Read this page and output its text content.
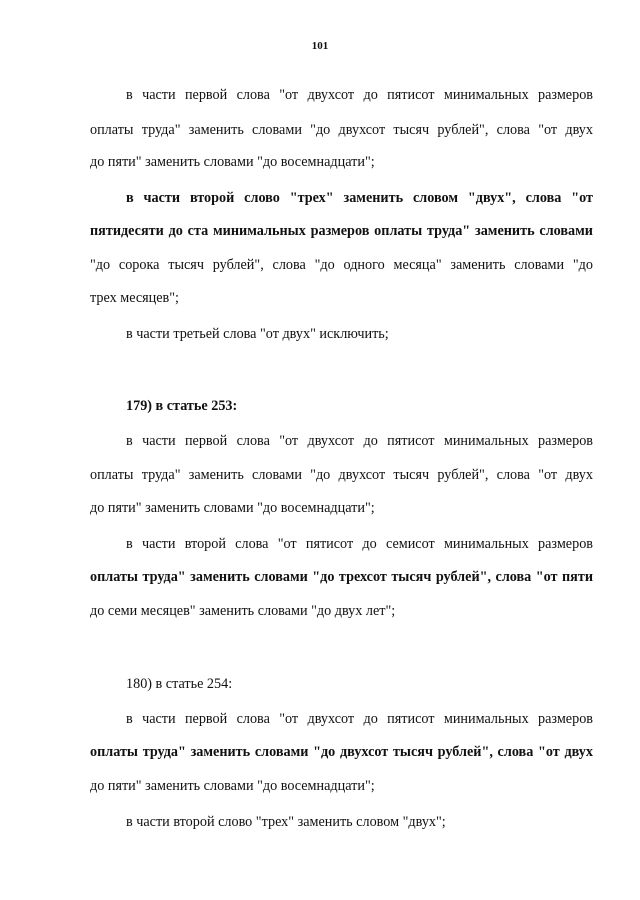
101
в части первой слова "от двухсот до пятисот минимальных размеров
оплаты труда" заменить словами "до двухсот тысяч рублей", слова "от двух
до пяти" заменить словами "до восемнадцати";
в части второй слово "трех" заменить словом "двух", слова "от
пятидесяти до ста минимальных размеров оплаты труда" заменить словами
"до сорока тысяч рублей", слова "до одного месяца" заменить словами "до
трех месяцев";
в части третьей слова "от двух" исключить;
179) в статье 253:
в части первой слова "от двухсот до пятисот минимальных размеров
оплаты труда" заменить словами "до двухсот тысяч рублей", слова "от двух
до пяти" заменить словами "до восемнадцати";
в части второй слова "от пятисот до семисот минимальных размеров
оплаты труда" заменить словами "до трехсот тысяч рублей", слова "от пяти
до семи месяцев" заменить словами "до двух лет";
180) в статье 254:
в части первой слова "от двухсот до пятисот минимальных размеров
оплаты труда" заменить словами "до двухсот тысяч рублей", слова "от двух
до пяти" заменить словами "до восемнадцати";
в части второй слово "трех" заменить словом "двух";
